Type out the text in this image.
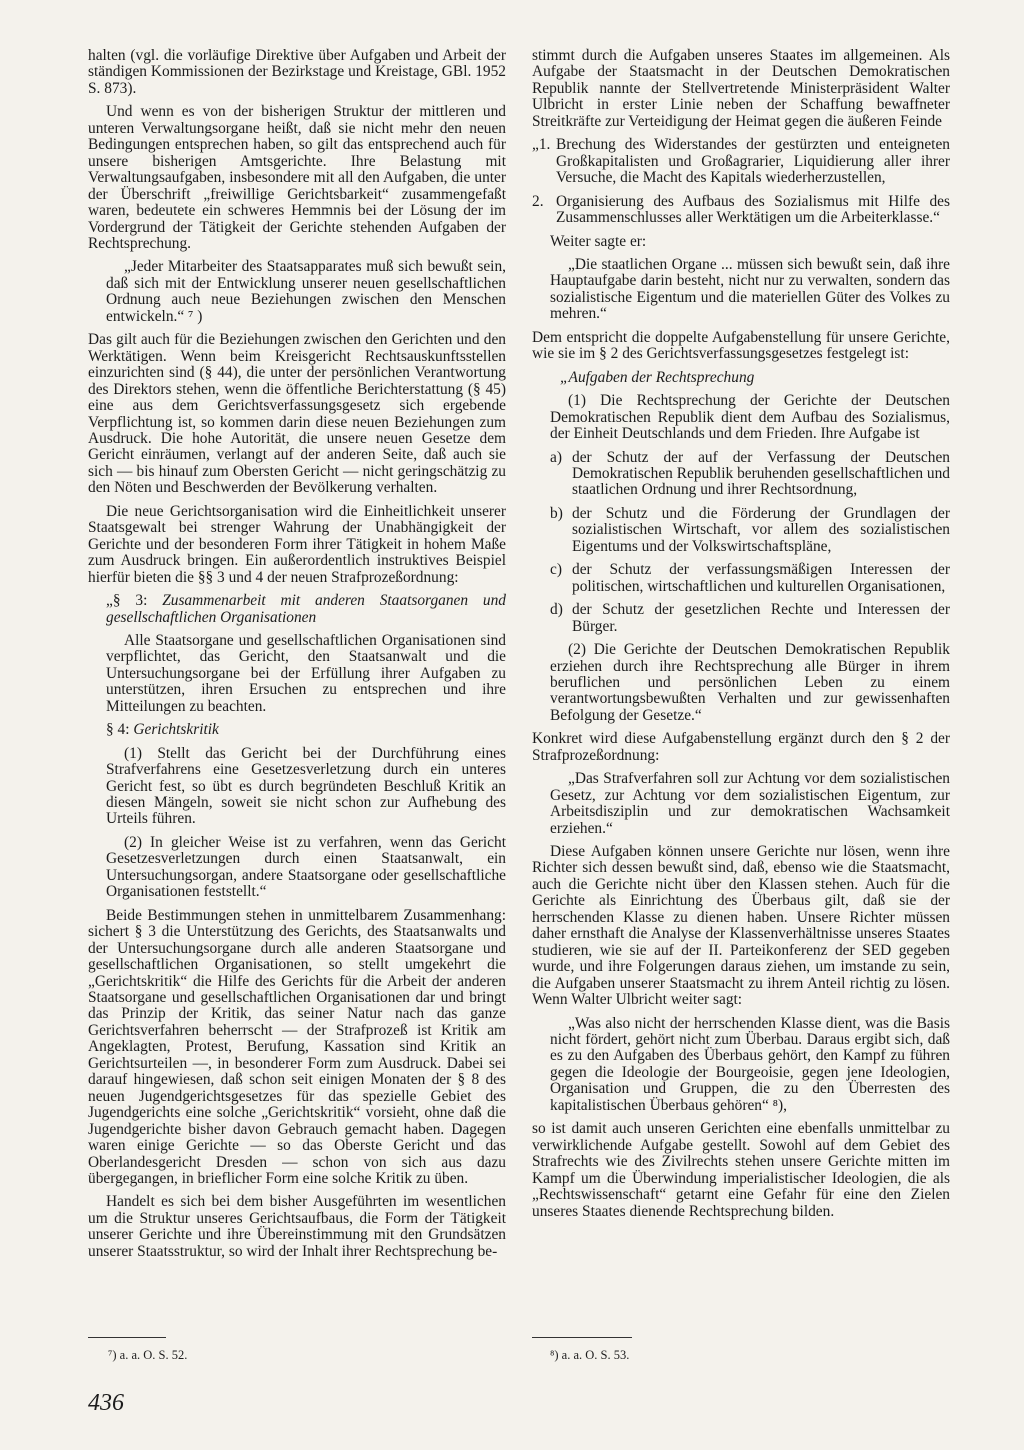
halten (vgl. die vorläufige Direktive über Aufgaben und Arbeit der ständigen Kommissionen der Bezirkstage und Kreistage, GBl. 1952 S. 873).

Und wenn es von der bisherigen Struktur der mittleren und unteren Verwaltungsorgane heißt, daß sie nicht mehr den neuen Bedingungen entsprechen haben, so gilt das entsprechend auch für unsere bisherigen Amtsgerichte. Ihre Belastung mit Verwaltungsaufgaben, insbesondere mit all den Aufgaben, die unter der Überschrift „freiwillige Gerichtsbarkeit“ zusammengefaßt waren, bedeutete ein schweres Hemmnis bei der Lösung der im Vordergrund der Tätigkeit der Gerichte stehenden Aufgaben der Rechtsprechung.

„Jeder Mitarbeiter des Staatsapparates muß sich bewußt sein, daß sich mit der Entwicklung unserer neuen gesellschaftlichen Ordnung auch neue Beziehungen zwischen den Menschen entwickeln.“ ⁷ )

Das gilt auch für die Beziehungen zwischen den Gerichten und den Werktätigen. Wenn beim Kreisgericht Rechtsauskunftsstellen einzurichten sind (§ 44), die unter der persönlichen Verantwortung des Direktors stehen, wenn die öffentliche Berichterstattung (§ 45) eine aus dem Gerichtsverfassungsgesetz sich ergebende Verpflichtung ist, so kommen darin diese neuen Beziehungen zum Ausdruck. Die hohe Autorität, die unsere neuen Gesetze dem Gericht einräumen, verlangt auf der anderen Seite, daß auch sie sich — bis hinauf zum Obersten Gericht — nicht geringschätzig zu den Nöten und Beschwerden der Bevölkerung verhalten.

Die neue Gerichtsorganisation wird die Einheitlichkeit unserer Staatsgewalt bei strenger Wahrung der Unabhängigkeit der Gerichte und der besonderen Form ihrer Tätigkeit in hohem Maße zum Ausdruck bringen. Ein außerordentlich instruktives Beispiel hierfür bieten die §§ 3 und 4 der neuen Strafprozeßordnung:

„§ 3: Zusammenarbeit mit anderen Staatsorganen und gesellschaftlichen Organisationen

Alle Staatsorgane und gesellschaftlichen Organisationen sind verpflichtet, das Gericht, den Staatsanwalt und die Untersuchungsorgane bei der Erfüllung ihrer Aufgaben zu unterstützen, ihren Ersuchen zu entsprechen und ihre Mitteilungen zu beachten.

§ 4: Gerichtskritik

(1) Stellt das Gericht bei der Durchführung eines Strafverfahrens eine Gesetzesverletzung durch ein unteres Gericht fest, so übt es durch begründeten Beschluß Kritik an diesen Mängeln, soweit sie nicht schon zur Aufhebung des Urteils führen.

(2) In gleicher Weise ist zu verfahren, wenn das Gericht Gesetzesverletzungen durch einen Staatsanwalt, ein Untersuchungsorgan, andere Staatsorgane oder gesellschaftliche Organisationen feststellt.“

Beide Bestimmungen stehen in unmittelbarem Zusammenhang: sichert § 3 die Unterstützung des Gerichts, des Staatsanwalts und der Untersuchungsorgane durch alle anderen Staatsorgane und gesellschaftlichen Organisationen, so stellt umgekehrt die „Gerichtskritik“ die Hilfe des Gerichts für die Arbeit der anderen Staatsorgane und gesellschaftlichen Organisationen dar und bringt das Prinzip der Kritik, das seiner Natur nach das ganze Gerichtsverfahren beherrscht — der Strafprozeß ist Kritik am Angeklagten, Protest, Berufung, Kassation sind Kritik an Gerichtsurteilen —, in besonderer Form zum Ausdruck. Dabei sei darauf hingewiesen, daß schon seit einigen Monaten der § 8 des neuen Jugendgerichtsgesetzes für das spezielle Gebiet des Jugendgerichts eine solche „Gerichtskritik“ vorsieht, ohne daß die Jugendgerichte bisher davon Gebrauch gemacht haben. Dagegen waren einige Gerichte — so das Oberste Gericht und das Oberlandesgericht Dresden — schon von sich aus dazu übergegangen, in brieflicher Form eine solche Kritik zu üben.

Handelt es sich bei dem bisher Ausgeführten im wesentlichen um die Struktur unseres Gerichtsaufbaus, die Form der Tätigkeit unserer Gerichte und ihre Übereinstimmung mit den Grundsätzen unserer Staatsstruktur, so wird der Inhalt ihrer Rechtsprechung be-

stimmt durch die Aufgaben unseres Staates im allgemeinen. Als Aufgabe der Staatsmacht in der Deutschen Demokratischen Republik nannte der Stellvertretende Ministerpräsident Walter Ulbricht in erster Linie neben der Schaffung bewaffneter Streitkräfte zur Verteidigung der Heimat gegen die äußeren Feinde

„1. Brechung des Widerstandes der gestürzten und enteigneten Großkapitalisten und Großagrarier, Liquidierung aller ihrer Versuche, die Macht des Kapitals wiederherzustellen,
2. Organisierung des Aufbaus des Sozialismus mit Hilfe des Zusammenschlusses aller Werktätigen um die Arbeiterklasse.“

Weiter sagte er:

„Die staatlichen Organe ... müssen sich bewußt sein, daß ihre Hauptaufgabe darin besteht, nicht nur zu verwalten, sondern das sozialistische Eigentum und die materiellen Güter des Volkes zu mehren.“

Dem entspricht die doppelte Aufgabenstellung für unsere Gerichte, wie sie im § 2 des Gerichtsverfassungsgesetzes festgelegt ist:

„Aufgaben der Rechtsprechung

(1) Die Rechtsprechung der Gerichte der Deutschen Demokratischen Republik dient dem Aufbau des Sozialismus, der Einheit Deutschlands und dem Frieden. Ihre Aufgabe ist

a) der Schutz der auf der Verfassung der Deutschen Demokratischen Republik beruhenden gesellschaftlichen und staatlichen Ordnung und ihrer Rechtsordnung,
b) der Schutz und die Förderung der Grundlagen der sozialistischen Wirtschaft, vor allem des sozialistischen Eigentums und der Volkswirtschaftspläne,
c) der Schutz der verfassungsmäßigen Interessen der politischen, wirtschaftlichen und kulturellen Organisationen,
d) der Schutz der gesetzlichen Rechte und Interessen der Bürger.

(2) Die Gerichte der Deutschen Demokratischen Republik erziehen durch ihre Rechtsprechung alle Bürger in ihrem beruflichen und persönlichen Leben zu einem verantwortungsbewußten Verhalten und zur gewissenhaften Befolgung der Gesetze.“

Konkret wird diese Aufgabenstellung ergänzt durch den § 2 der Strafprozeßordnung:

„Das Strafverfahren soll zur Achtung vor dem sozialistischen Gesetz, zur Achtung vor dem sozialistischen Eigentum, zur Arbeitsdisziplin und zur demokratischen Wachsamkeit erziehen.“

Diese Aufgaben können unsere Gerichte nur lösen, wenn ihre Richter sich dessen bewußt sind, daß, ebenso wie die Staatsmacht, auch die Gerichte nicht über den Klassen stehen. Auch für die Gerichte als Einrichtung des Überbaus gilt, daß sie der herrschenden Klasse zu dienen haben. Unsere Richter müssen daher ernsthaft die Analyse der Klassenverhältnisse unseres Staates studieren, wie sie auf der II. Parteikonferenz der SED gegeben wurde, und ihre Folgerungen daraus ziehen, um imstande zu sein, die Aufgaben unserer Staatsmacht zu ihrem Anteil richtig zu lösen. Wenn Walter Ulbricht weiter sagt:

„Was also nicht der herrschenden Klasse dient, was die Basis nicht fördert, gehört nicht zum Überbau. Daraus ergibt sich, daß es zu den Aufgaben des Überbaus gehört, den Kampf zu führen gegen die Ideologie der Bourgeoisie, gegen jene Ideologien, Organisation und Gruppen, die zu den Überresten des kapitalistischen Überbaus gehören“ ⁸),

so ist damit auch unseren Gerichten eine ebenfalls unmittelbar zu verwirklichende Aufgabe gestellt. Sowohl auf dem Gebiet des Strafrechts wie des Zivilrechts stehen unsere Gerichte mitten im Kampf um die Überwindung imperialistischer Ideologien, die als „Rechtswissenschaft“ getarnt eine Gefahr für eine den Zielen unseres Staates dienende Rechtsprechung bilden.

⁷) a. a. O. S. 52.	⁸) a. a. O. S. 53.
436
